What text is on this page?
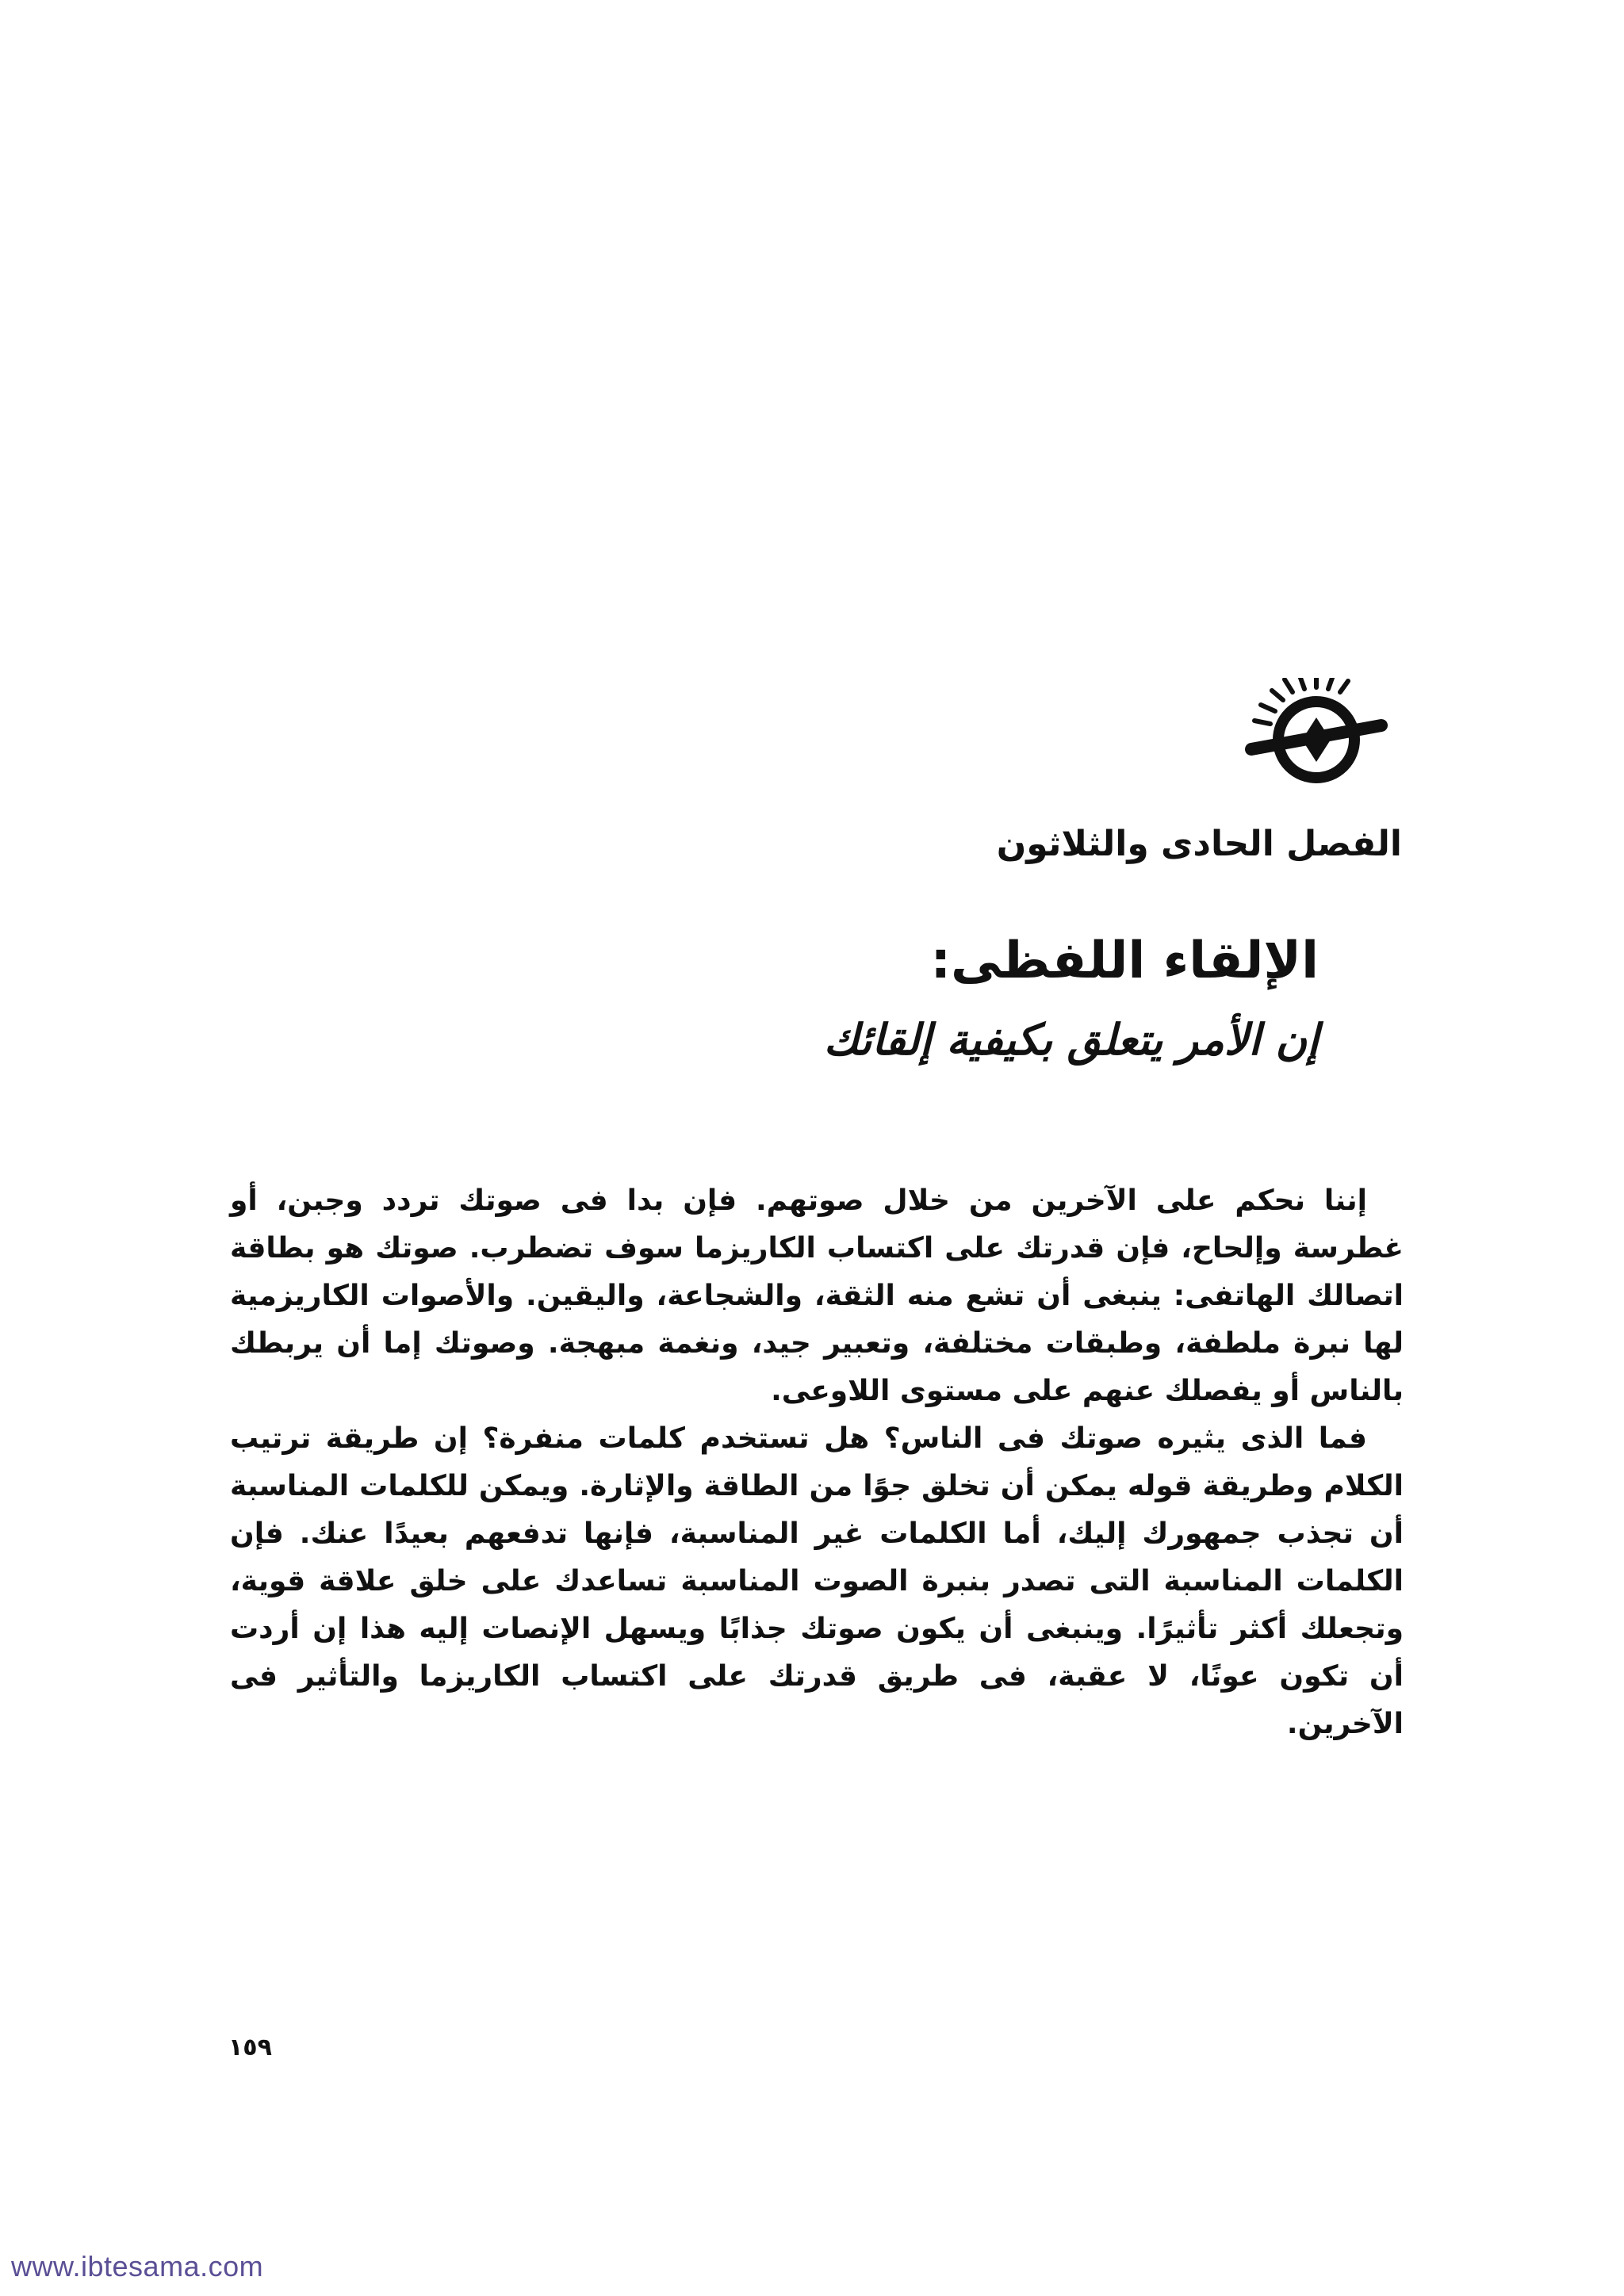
الفصل الحادى والثلاثون
الإلقاء اللفظى:
إن الأمر يتعلق بكيفية إلقائك

إننا نحكم على الآخرين من خلال صوتهم. فإن بدا فى صوتك تردد وجبن، أو غطرسة وإلحاح، فإن قدرتك على اكتساب الكاريزما سوف تضطرب. صوتك هو بطاقة اتصالك الهاتفى: ينبغى أن تشع منه الثقة، والشجاعة، واليقين. والأصوات الكاريزمية لها نبرة ملطفة، وطبقات مختلفة، وتعبير جيد، ونغمة مبهجة. وصوتك إما أن يربطك بالناس أو يفصلك عنهم على مستوى اللاوعى.

فما الذى يثيره صوتك فى الناس؟ هل تستخدم كلمات منفرة؟ إن طريقة ترتيب الكلام وطريقة قوله يمكن أن تخلق جوًا من الطاقة والإثارة. ويمكن للكلمات المناسبة أن تجذب جمهورك إليك، أما الكلمات غير المناسبة، فإنها تدفعهم بعيدًا عنك. فإن الكلمات المناسبة التى تصدر بنبرة الصوت المناسبة تساعدك على خلق علاقة قوية، وتجعلك أكثر تأثيرًا. وينبغى أن يكون صوتك جذابًا ويسهل الإنصات إليه هذا إن أردت أن تكون عونًا، لا عقبة، فى طريق قدرتك على اكتساب الكاريزما والتأثير فى الآخرين.

١٥٩
www.ibtesama.com
